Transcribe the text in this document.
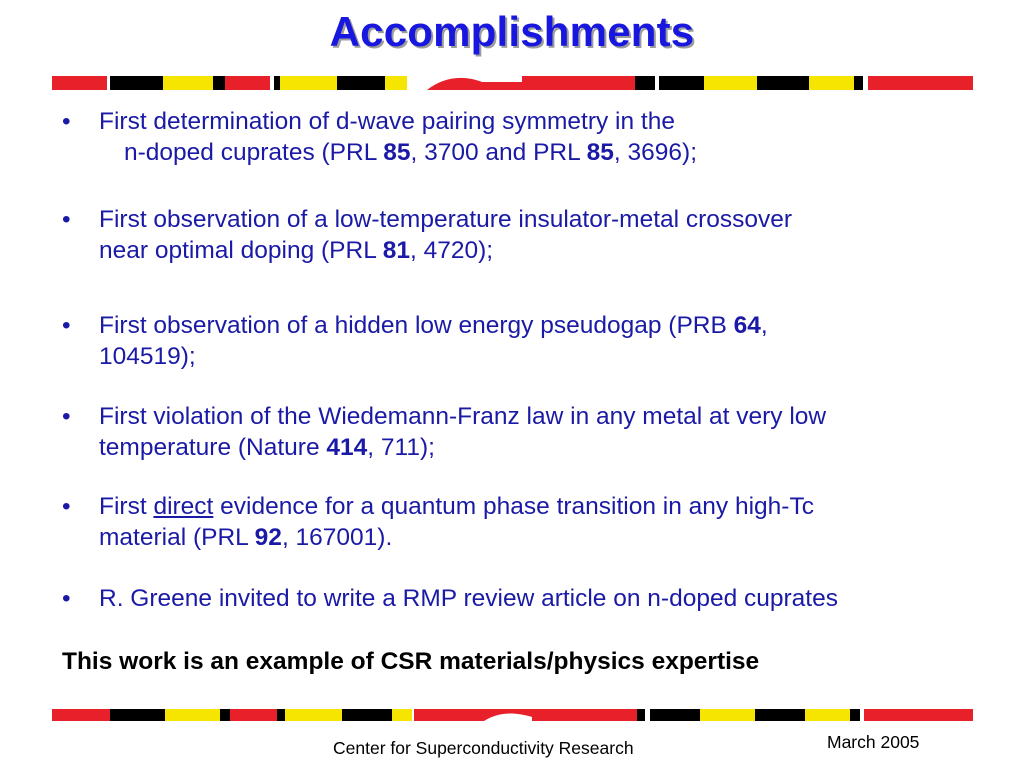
Accomplishments
• First determination of d-wave pairing symmetry in the
n-doped cuprates (PRL 85, 3700 and PRL 85, 3696);
• First observation of a low-temperature insulator-metal crossover
near optimal doping (PRL 81, 4720);
• First observation of a hidden low energy pseudogap (PRB 64,
104519);
• First violation of the Wiedemann-Franz law in any metal at very low
temperature (Nature 414, 711);
• First direct evidence for a quantum phase transition in any high-Tc
material (PRL 92, 167001).
• R. Greene invited to write a RMP review article on n-doped cuprates
This work is an example of CSR materials/physics expertise
Center for Superconductivity Research	March 2005
